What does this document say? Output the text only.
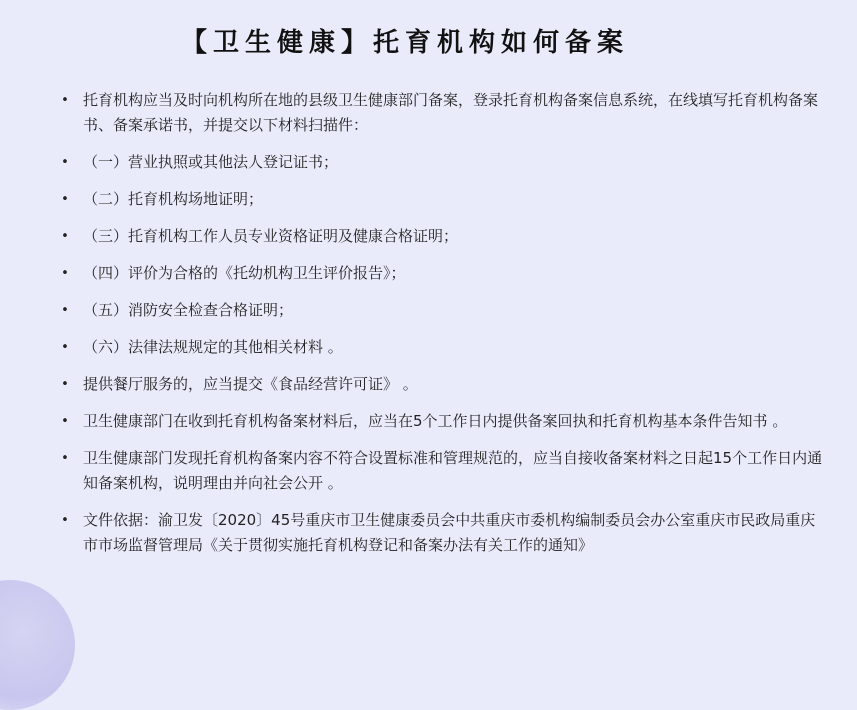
【卫生健康】托育机构如何备案
• 托育机构应当及时向机构所在地的县级卫生健康部门备案，登录托育机构备案信息系统，在线填写托育机构备案书、备案承诺书，并提交以下材料扫描件：
• （一）营业执照或其他法人登记证书；
• （二）托育机构场地证明；
• （三）托育机构工作人员专业资格证明及健康合格证明；
• （四）评价为合格的《托幼机构卫生评价报告》；
• （五）消防安全检查合格证明；
• （六）法律法规规定的其他相关材料 。
• 提供餐厅服务的，应当提交《食品经营许可证》 。
• 卫生健康部门在收到托育机构备案材料后，应当在5个工作日内提供备案回执和托育机构基本条件告知书 。
• 卫生健康部门发现托育机构备案内容不符合设置标准和管理规范的，应当自接收备案材料之日起15个工作日内通知备案机构，说明理由并向社会公开 。
• 文件依据：渝卫发〔2020〕45号重庆市卫生健康委员会中共重庆市委机构编制委员会办公室重庆市民政局重庆市市场监督管理局《关于贯彻实施托育机构登记和备案办法有关工作的通知》
